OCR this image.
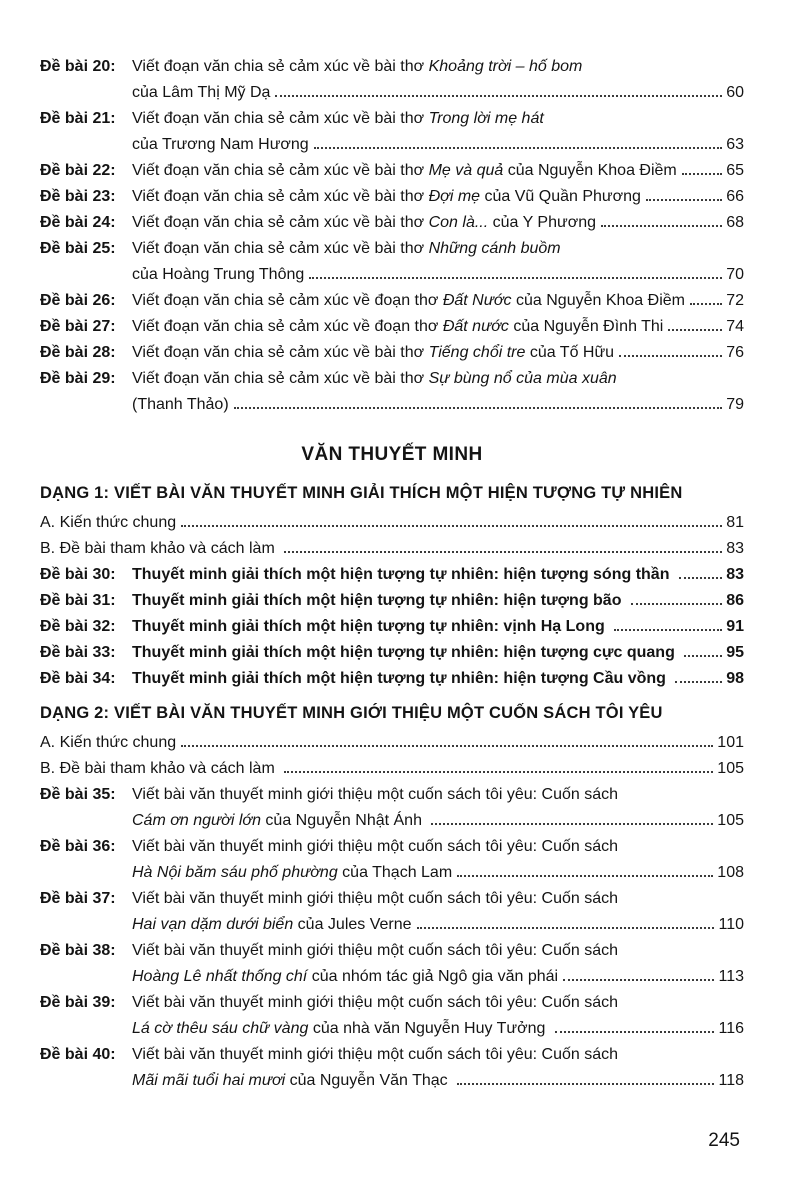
Đề bài 20:	Viết đoạn văn chia sẻ cảm xúc về bài thơ Khoảng trời – hố bom
của Lâm Thị Mỹ Dạ	60
Đề bài 21:	Viết đoạn văn chia sẻ cảm xúc về bài thơ Trong lời mẹ hát
của Trương Nam Hương	63
Đề bài 22:	Viết đoạn văn chia sẻ cảm xúc về bài thơ Mẹ và quả của Nguyễn Khoa Điềm	65
Đề bài 23:	Viết đoạn văn chia sẻ cảm xúc về bài thơ Đợi mẹ của Vũ Quần Phương	66
Đề bài 24:	Viết đoạn văn chia sẻ cảm xúc về bài thơ Con là... của Y Phương	68
Đề bài 25:	Viết đoạn văn chia sẻ cảm xúc về bài thơ Những cánh buồm
của Hoàng Trung Thông	70
Đề bài 26:	Viết đoạn văn chia sẻ cảm xúc về đoạn thơ Đất Nước của Nguyễn Khoa Điềm	72
Đề bài 27:	Viết đoạn văn chia sẻ cảm xúc về đoạn thơ Đất nước của Nguyễn Đình Thi	74
Đề bài 28:	Viết đoạn văn chia sẻ cảm xúc về bài thơ Tiếng chổi tre của Tố Hữu	76
Đề bài 29:	Viết đoạn văn chia sẻ cảm xúc về bài thơ Sự bùng nổ của mùa xuân
(Thanh Thảo)	79
VĂN THUYẾT MINH
DẠNG 1: VIẾT BÀI VĂN THUYẾT MINH GIẢI THÍCH MỘT HIỆN TƯỢNG TỰ NHIÊN
A. Kiến thức chung	81
B. Đề bài tham khảo và cách làm	83
Đề bài 30:	Thuyết minh giải thích một hiện tượng tự nhiên: hiện tượng sóng thần	83
Đề bài 31:	Thuyết minh giải thích một hiện tượng tự nhiên: hiện tượng bão	86
Đề bài 32:	Thuyết minh giải thích một hiện tượng tự nhiên: vịnh Hạ Long	91
Đề bài 33:	Thuyết minh giải thích một hiện tượng tự nhiên: hiện tượng cực quang	95
Đề bài 34:	Thuyết minh giải thích một hiện tượng tự nhiên: hiện tượng Cầu vồng	98
DẠNG 2: VIẾT BÀI VĂN THUYẾT MINH GIỚI THIỆU MỘT CUỐN SÁCH TÔI YÊU
A. Kiến thức chung	101
B. Đề bài tham khảo và cách làm	105
Đề bài 35:	Viết bài văn thuyết minh giới thiệu một cuốn sách tôi yêu: Cuốn sách
Cám ơn người lớn của Nguyễn Nhật Ánh	105
Đề bài 36:	Viết bài văn thuyết minh giới thiệu một cuốn sách tôi yêu: Cuốn sách
Hà Nội băm sáu phố phường của Thạch Lam	108
Đề bài 37:	Viết bài văn thuyết minh giới thiệu một cuốn sách tôi yêu: Cuốn sách
Hai vạn dặm dưới biển của Jules Verne	110
Đề bài 38:	Viết bài văn thuyết minh giới thiệu một cuốn sách tôi yêu: Cuốn sách
Hoàng Lê nhất thống chí của nhóm tác giả Ngô gia văn phái	113
Đề bài 39:	Viết bài văn thuyết minh giới thiệu một cuốn sách tôi yêu: Cuốn sách
Lá cờ thêu sáu chữ vàng của nhà văn Nguyễn Huy Tưởng	116
Đề bài 40:	Viết bài văn thuyết minh giới thiệu một cuốn sách tôi yêu: Cuốn sách
Mãi mãi tuổi hai mươi của Nguyễn Văn Thạc	118
245
